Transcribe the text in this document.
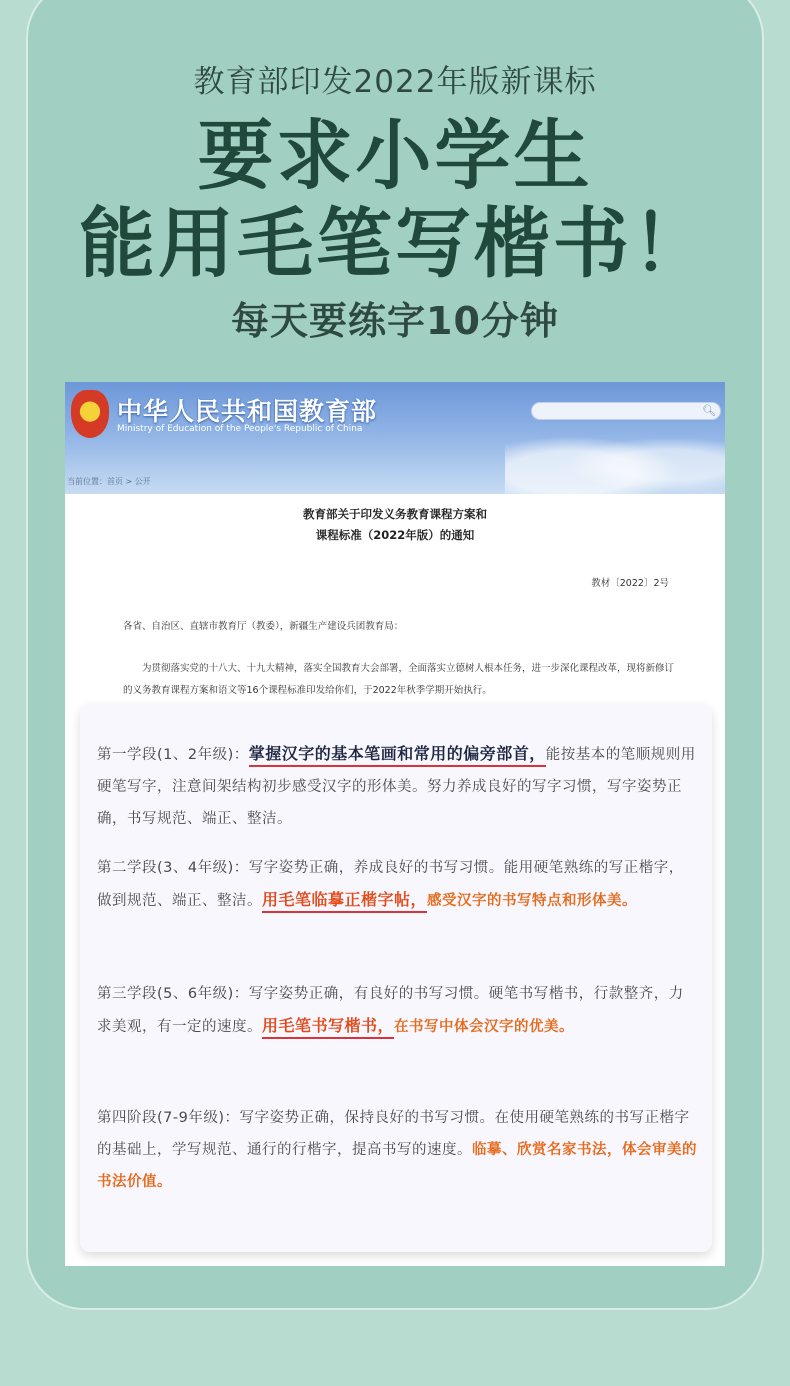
教育部印发2022年版新课标
要求小学生
能用毛笔写楷书！
每天要练字10分钟
中华人民共和国教育部
Ministry of Education of the People's Republic of China
🔍︎
当前位置：首页 > 公开
教育部关于印发义务教育课程方案和
课程标准（2022年版）的通知
教材〔2022〕2号
各省、自治区、直辖市教育厅（教委），新疆生产建设兵团教育局：
为贯彻落实党的十八大、十九大精神，落实全国教育大会部署，全面落实立德树人根本任务，进一步深化课程改革，现将新修订的义务教育课程方案和语文等16个课程标准印发给你们，于2022年秋季学期开始执行。

第一学段(1、2年级)：掌握汉字的基本笔画和常用的偏旁部首，能按基本的笔顺规则用硬笔写字，注意间架结构初步感受汉字的形体美。努力养成良好的写字习惯，写字姿势正确，书写规范、端正、整洁。

第二学段(3、4年级)：写字姿势正确，养成良好的书写习惯。能用硬笔熟练的写正楷字，做到规范、端正、整洁。用毛笔临摹正楷字帖，感受汉字的书写特点和形体美。

第三学段(5、6年级)：写字姿势正确，有良好的书写习惯。硬笔书写楷书，行款整齐，力求美观，有一定的速度。用毛笔书写楷书，在书写中体会汉字的优美。

第四阶段(7-9年级)：写字姿势正确，保持良好的书写习惯。在使用硬笔熟练的书写正楷字的基础上，学写规范、通行的行楷字，提高书写的速度。临摹、欣赏名家书法，体会审美的书法价值。
